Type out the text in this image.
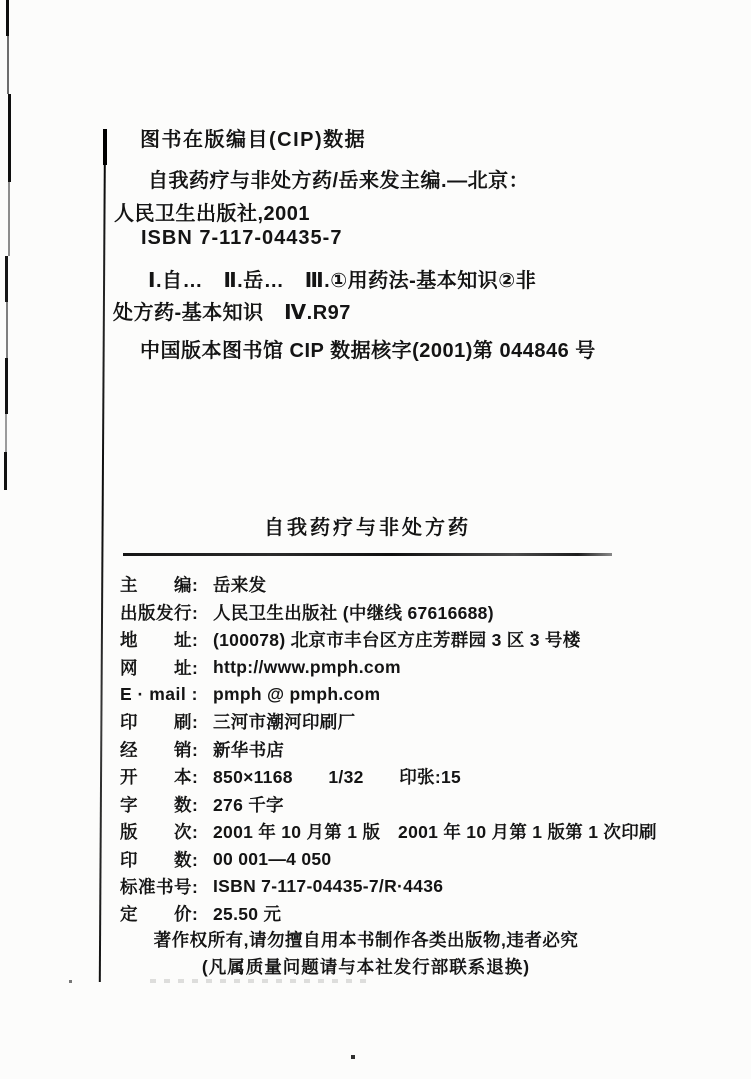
图书在版编目(CIP)数据
自我药疗与非处方药/岳来发主编.—北京：
人民卫生出版社,2001
ISBN 7-117-04435-7
Ⅰ.自…　Ⅱ.岳…　Ⅲ.①用药法-基本知识②非
处方药-基本知识　Ⅳ.R97
中国版本图书馆 CIP 数据核字(2001)第 044846 号
自我药疗与非处方药
主　　编: 岳来发
出版发行: 人民卫生出版社 (中继线 67616688)
地　　址: (100078) 北京市丰台区方庄芳群园 3 区 3 号楼
网　　址: http://www.pmph.com
E · mail : pmph @ pmph.com
印　　刷: 三河市潮河印刷厂
经　　销: 新华书店
开　　本: 850×1168　　1/32　　印张:15
字　　数: 276 千字
版　　次: 2001 年 10 月第 1 版　2001 年 10 月第 1 版第 1 次印刷
印　　数: 00 001—4 050
标准书号: ISBN 7-117-04435-7/R·4436
定　　价: 25.50 元
著作权所有,请勿擅自用本书制作各类出版物,违者必究
(凡属质量问题请与本社发行部联系退换)
